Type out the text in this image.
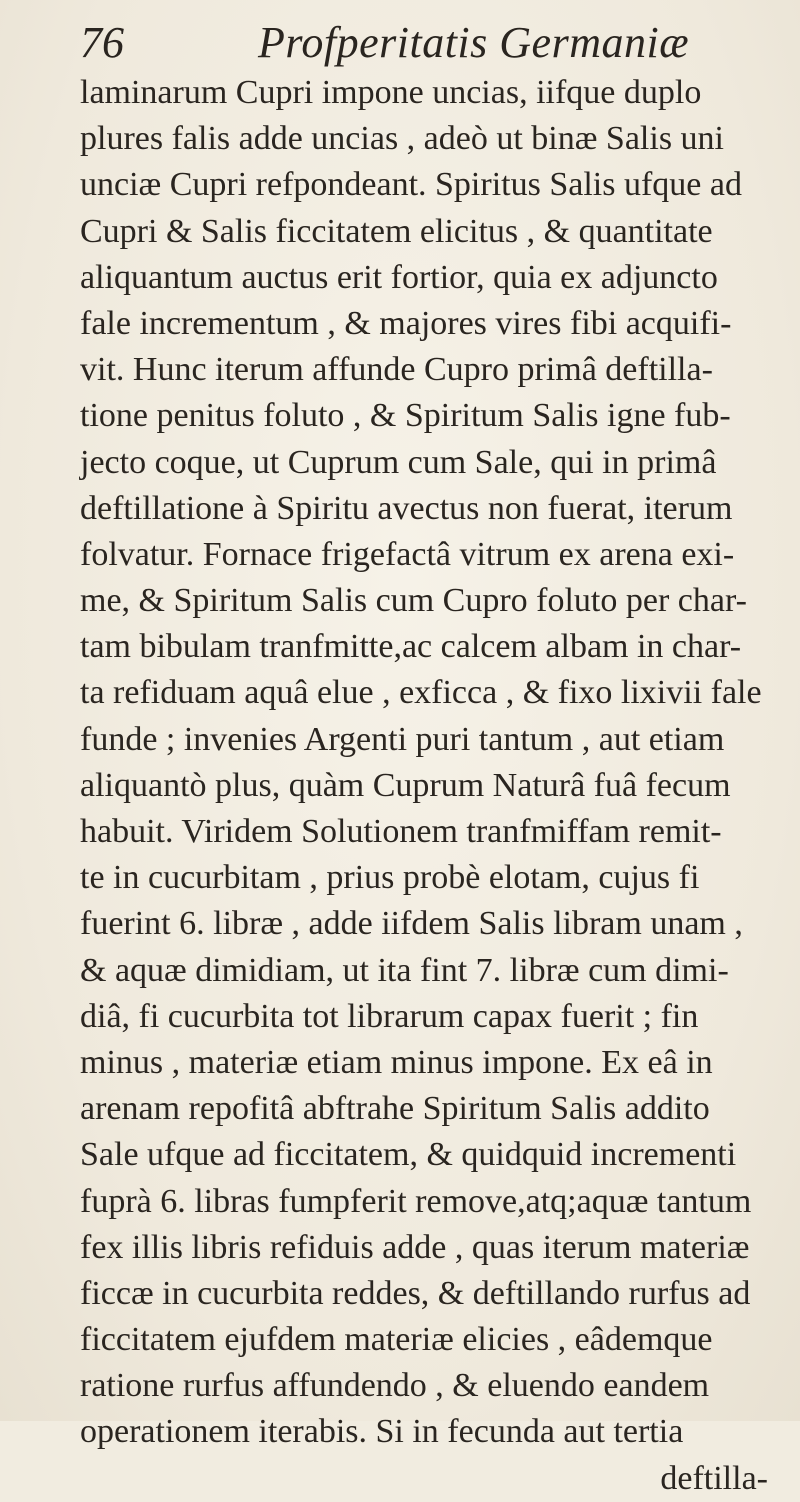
76	Profperitatis Germaniæ
laminarum Cupri impone uncias, iifque duplo
plures falis adde uncias , adeò ut binæ Salis uni
unciæ Cupri refpondeant. Spiritus Salis ufque ad
Cupri & Salis ficcitatem elicitus , & quantitate
aliquantum auctus erit fortior, quia ex adjuncto
fale incrementum , & majores vires fibi acquifi-
vit. Hunc iterum affunde Cupro primâ deftilla-
tione penitus foluto , & Spiritum Salis igne fub-
jecto coque, ut Cuprum cum Sale, qui in primâ
deftillatione à Spiritu avectus non fuerat, iterum
folvatur. Fornace frigefactâ vitrum ex arena exi-
me, & Spiritum Salis cum Cupro foluto per char-
tam bibulam tranfmitte,ac calcem albam in char-
ta refiduam aquâ elue , exficca , & fixo lixivii fale
funde ; invenies Argenti puri tantum , aut etiam
aliquantò plus, quàm Cuprum Naturâ fuâ fecum
habuit. Viridem Solutionem tranfmiffam remit-
te in cucurbitam , prius probè elotam, cujus fi
fuerint 6. libræ , adde iifdem Salis libram unam ,
& aquæ dimidiam, ut ita fint 7. libræ cum dimi-
diâ, fi cucurbita tot librarum capax fuerit ; fin
minus , materiæ etiam minus impone. Ex eâ in
arenam repofitâ abftrahe Spiritum Salis addito
Sale ufque ad ficcitatem, & quidquid incrementi
fuprà 6. libras fumpferit remove,atq;aquæ tantum
fex illis libris refiduis adde , quas iterum materiæ
ficcæ in cucurbita reddes, & deftillando rurfus ad
ficcitatem ejufdem materiæ elicies , eâdemque
ratione rurfus affundendo , & eluendo eandem
operationem iterabis. Si in fecunda aut tertia
deftilla-
